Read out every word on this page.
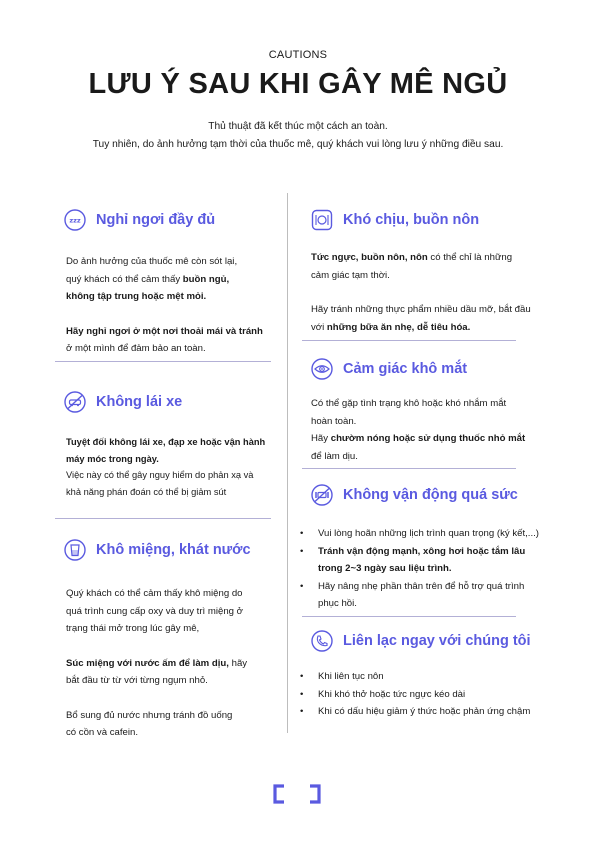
CAUTIONS
LƯU Ý SAU KHI GÂY MÊ NGỦ
Thủ thuật đã kết thúc một cách an toàn.
Tuy nhiên, do ảnh hưởng tạm thời của thuốc mê, quý khách vui lòng lưu ý những điều sau.
zzz Nghỉ ngơi đầy đủ

Do ảnh hưởng của thuốc mê còn sót lại,

quý khách có thể cảm thấy buồn ngủ,

không tập trung hoặc mệt mỏi.

Hãy nghỉ ngơi ở một nơi thoải mái và tránh

ở một mình để đảm bảo an toàn.

Không lái xe

Tuyệt đối không lái xe, đạp xe hoặc vận hành

máy móc trong ngày.

Việc này có thể gây nguy hiểm do phản xạ và

khả năng phán đoán có thể bị giảm sút

Khô miệng, khát nước

Quý khách có thể cảm thấy khô miệng do

quá trình cung cấp oxy và duy trì miệng ở

trạng thái mở trong lúc gây mê,

Súc miệng với nước ấm để làm dịu, hãy

bắt đầu từ từ với từng ngụm nhỏ.

Bổ sung đủ nước nhưng tránh đồ uống

có cồn và cafein.

Khó chịu, buồn nôn

Tức ngực, buồn nôn, nôn có thể chỉ là những

cảm giác tạm thời.

Hãy tránh những thực phẩm nhiều dầu mỡ, bắt đầu

với những bữa ăn nhẹ, dễ tiêu hóa.

Cảm giác khô mắt

Có thể gặp tình trạng khô hoặc khó nhắm mắt

hoàn toàn.

Hãy chườm nóng hoặc sử dụng thuốc nhỏ mắt

để làm dịu.

Không vận động quá sức
• Vui lòng hoãn những lịch trình quan trọng (ký kết,...)
• Tránh vận động mạnh, xông hơi hoặc tắm lâu
trong 2~3 ngày sau liệu trình.
• Hãy nâng nhẹ phần thân trên để hỗ trợ quá trình
phục hồi.
Liên lạc ngay với chúng tôi
• Khi liên tục nôn
• Khi khó thở hoặc tức ngực kéo dài
• Khi có dấu hiệu giảm ý thức hoặc phản ứng chậm
